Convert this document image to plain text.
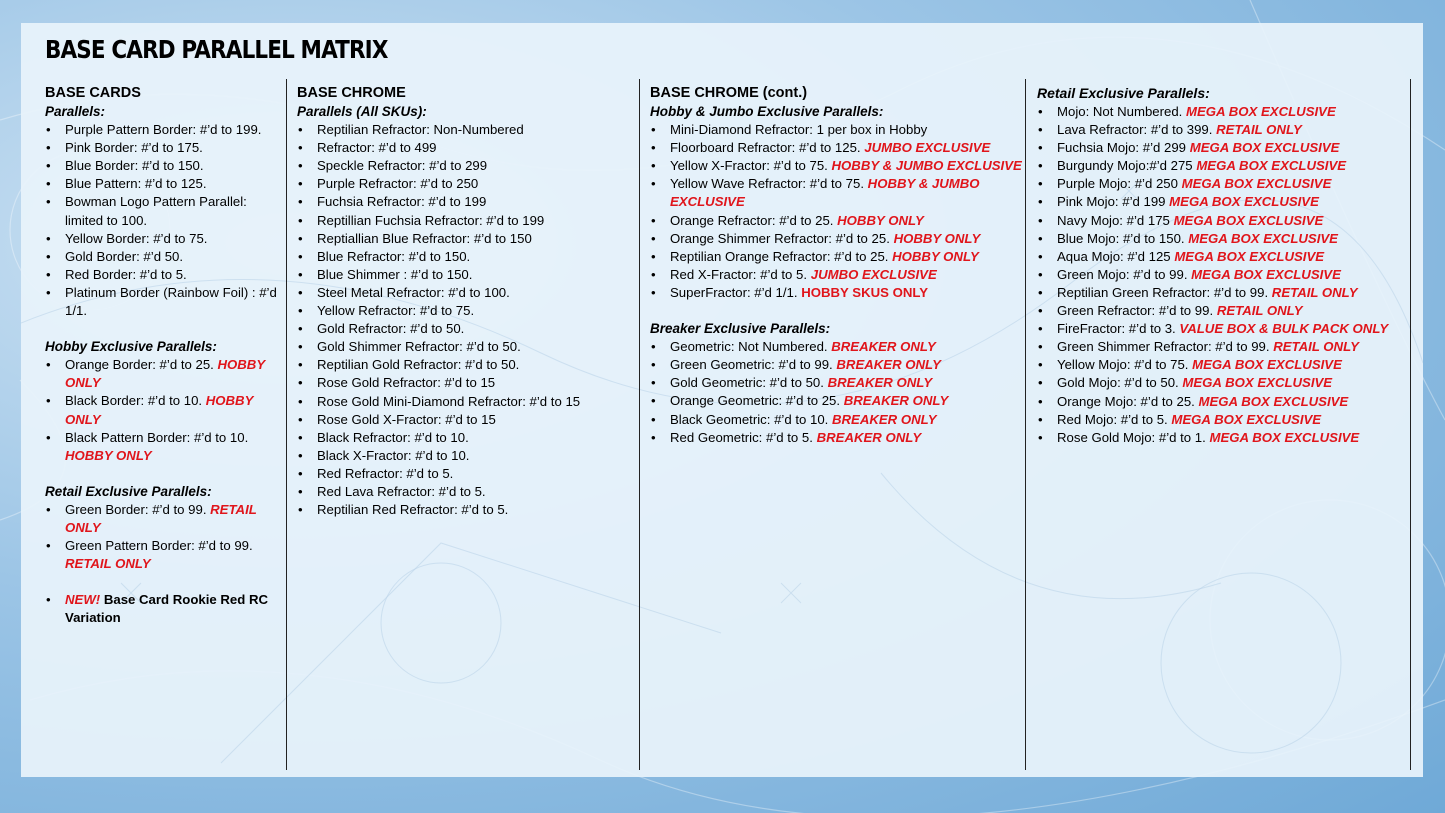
BASE CARD PARALLEL MATRIX
BASE CARDS
Parallels:
• Purple Pattern Border: #’d to 199.
• Pink Border: #’d to 175.
• Blue Border: #’d to 150.
• Blue Pattern: #’d to 125.
• Bowman Logo Pattern Parallel: limited to 100.
• Yellow Border: #’d to 75.
• Gold Border: #’d 50.
• Red Border: #’d to 5.
• Platinum Border (Rainbow Foil) : #’d 1/1.
Hobby Exclusive Parallels:
• Orange Border: #’d to 25. HOBBY ONLY
• Black Border: #’d to 10. HOBBY ONLY
• Black Pattern Border: #’d to 10. HOBBY ONLY
Retail Exclusive Parallels:
• Green Border: #’d to 99. RETAIL ONLY
• Green Pattern Border: #’d to 99. RETAIL ONLY
• NEW! Base Card Rookie Red RC Variation
BASE CHROME
Parallels (All SKUs):
• Reptilian Refractor: Non-Numbered
• Refractor: #’d to 499
• Speckle Refractor: #’d to 299
• Purple Refractor: #’d to 250
• Fuchsia Refractor: #’d to 199
• Reptillian Fuchsia Refractor: #’d to 199
• Reptiallian Blue Refractor: #’d to 150
• Blue Refractor: #’d to 150.
• Blue Shimmer : #’d to 150.
• Steel Metal Refractor: #’d to 100.
• Yellow Refractor: #’d to 75.
• Gold Refractor: #’d to 50.
• Gold Shimmer Refractor: #’d to 50.
• Reptilian Gold Refractor: #’d to 50.
• Rose Gold Refractor: #’d to 15
• Rose Gold Mini-Diamond Refractor: #’d to 15
• Rose Gold X-Fractor: #’d to 15
• Black Refractor: #’d to 10.
• Black X-Fractor: #’d to 10.
• Red Refractor: #’d to 5.
• Red Lava Refractor: #’d to 5.
• Reptilian Red Refractor: #’d to 5.
BASE CHROME (cont.)
Hobby & Jumbo Exclusive Parallels:
• Mini-Diamond Refractor: 1 per box in Hobby
• Floorboard Refractor: #’d to 125. JUMBO EXCLUSIVE
• Yellow X-Fractor: #’d to 75. HOBBY & JUMBO EXCLUSIVE
• Yellow Wave Refractor: #’d to 75. HOBBY & JUMBO EXCLUSIVE
• Orange Refractor: #’d to 25. HOBBY ONLY
• Orange Shimmer Refractor: #’d to 25. HOBBY ONLY
• Reptilian Orange Refractor: #’d to 25. HOBBY ONLY
• Red X-Fractor: #’d to 5. JUMBO EXCLUSIVE
• SuperFractor: #’d 1/1. HOBBY SKUS ONLY
Breaker Exclusive Parallels:
• Geometric: Not Numbered. BREAKER ONLY
• Green Geometric: #’d to 99. BREAKER ONLY
• Gold Geometric: #’d to 50. BREAKER ONLY
• Orange Geometric: #’d to 25. BREAKER ONLY
• Black Geometric: #’d to 10. BREAKER ONLY
• Red Geometric: #’d to 5. BREAKER ONLY
Retail Exclusive Parallels:
• Mojo: Not Numbered. MEGA BOX EXCLUSIVE
• Lava Refractor: #’d to 399. RETAIL ONLY
• Fuchsia Mojo: #’d 299 MEGA BOX EXCLUSIVE
• Burgundy Mojo:#’d 275 MEGA BOX EXCLUSIVE
• Purple Mojo: #’d 250 MEGA BOX EXCLUSIVE
• Pink Mojo: #’d 199 MEGA BOX EXCLUSIVE
• Navy Mojo: #’d 175 MEGA BOX EXCLUSIVE
• Blue Mojo: #’d to 150. MEGA BOX EXCLUSIVE
• Aqua Mojo: #’d 125 MEGA BOX EXCLUSIVE
• Green Mojo: #’d to 99. MEGA BOX EXCLUSIVE
• Reptilian Green Refractor: #’d to 99. RETAIL ONLY
• Green Refractor: #’d to 99. RETAIL ONLY
• FireFractor: #’d to 3. VALUE BOX & BULK PACK ONLY
• Green Shimmer Refractor: #’d to 99. RETAIL ONLY
• Yellow Mojo: #’d to 75. MEGA BOX EXCLUSIVE
• Gold Mojo: #’d to 50. MEGA BOX EXCLUSIVE
• Orange Mojo: #’d to 25. MEGA BOX EXCLUSIVE
• Red Mojo: #’d to 5. MEGA BOX EXCLUSIVE
• Rose Gold Mojo: #’d to 1. MEGA BOX EXCLUSIVE
